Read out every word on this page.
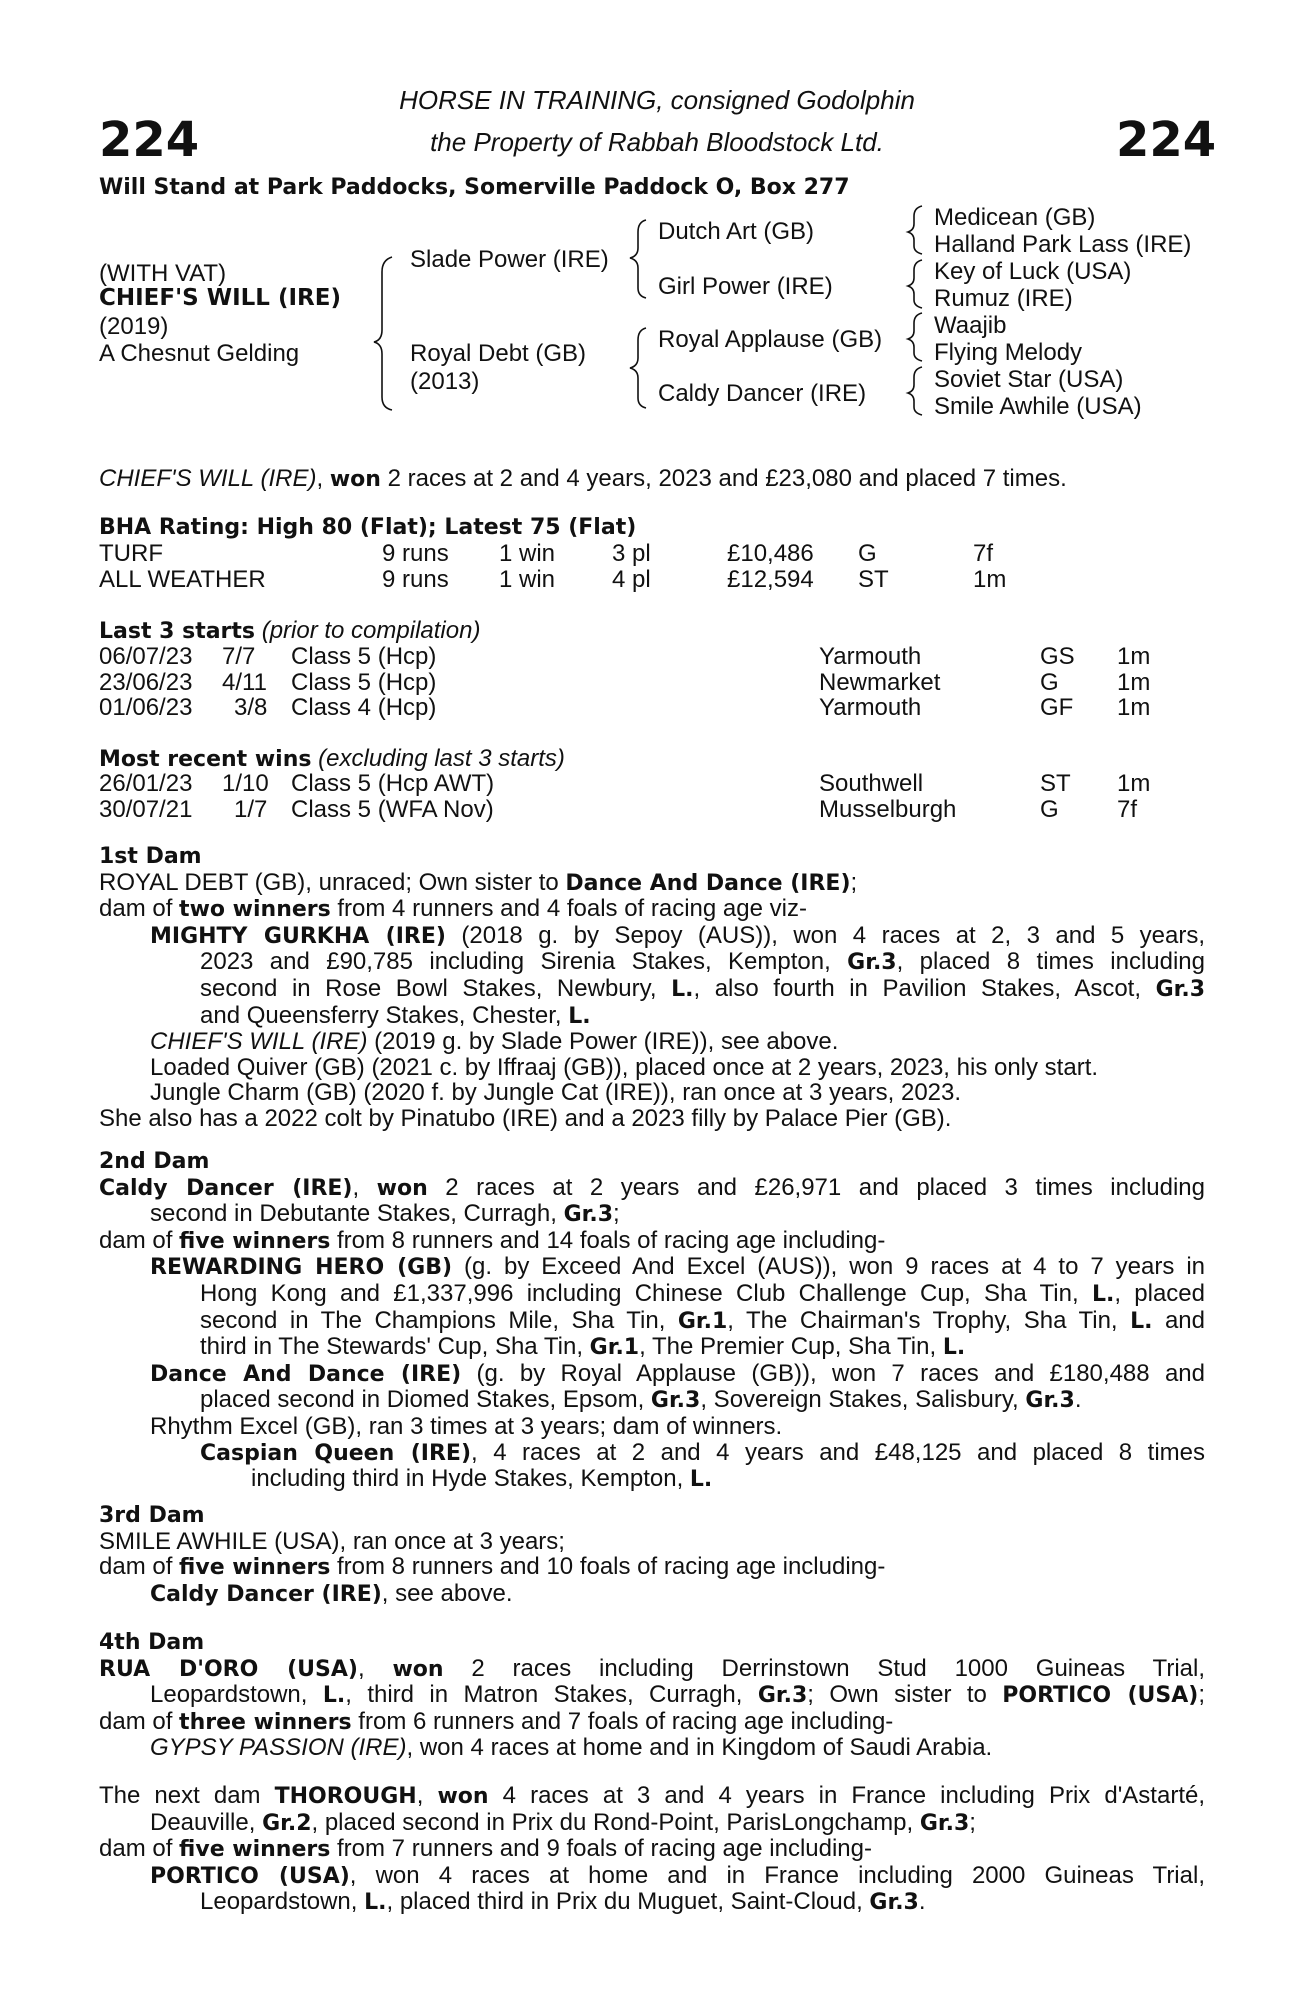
224	224
HORSE IN TRAINING, consigned Godolphin
the Property of Rabbah Bloodstock Ltd.
Will Stand at Park Paddocks, Somerville Paddock O, Box 277
(WITH VAT)
CHIEF'S WILL (IRE)
(2019)
A Chesnut Gelding
Slade Power (IRE)
Royal Debt (GB)
(2013)
Dutch Art (GB)
Girl Power (IRE)
Royal Applause (GB)
Caldy Dancer (IRE)
Medicean (GB)
Halland Park Lass (IRE)
Key of Luck (USA)
Rumuz (IRE)
Waajib
Flying Melody
Soviet Star (USA)
Smile Awhile (USA)
CHIEF'S WILL (IRE), won 2 races at 2 and 4 years, 2023 and £23,080 and placed 7 times.
BHA Rating: High 80 (Flat); Latest 75 (Flat)
TURF	9 runs 1 win 3 pl	£10,486 G	7f
ALL WEATHER	9 runs 1 win 4 pl	£12,594 ST	1m
Last 3 starts (prior to compilation)
06/07/23 7/7 Class 5 (Hcp)	Yarmouth	GS 1m
23/06/23 4/11 Class 5 (Hcp)	Newmarket	G 1m
01/06/23 3/8 Class 4 (Hcp)	Yarmouth	GF 1m
Most recent wins (excluding last 3 starts)
26/01/23 1/10 Class 5 (Hcp AWT)	Southwell	ST 1m
30/07/21 1/7 Class 5 (WFA Nov)	Musselburgh	G 7f
1st Dam
ROYAL DEBT (GB), unraced; Own sister to Dance And Dance (IRE);
dam of two winners from 4 runners and 4 foals of racing age viz-
MIGHTY GURKHA (IRE) (2018 g. by Sepoy (AUS)), won 4 races at 2, 3 and 5 years,
2023 and £90,785 including Sirenia Stakes, Kempton, Gr.3, placed 8 times including
second in Rose Bowl Stakes, Newbury, L., also fourth in Pavilion Stakes, Ascot, Gr.3
and Queensferry Stakes, Chester, L.
CHIEF'S WILL (IRE) (2019 g. by Slade Power (IRE)), see above.
Loaded Quiver (GB) (2021 c. by Iffraaj (GB)), placed once at 2 years, 2023, his only start.
Jungle Charm (GB) (2020 f. by Jungle Cat (IRE)), ran once at 3 years, 2023.
She also has a 2022 colt by Pinatubo (IRE) and a 2023 filly by Palace Pier (GB).
2nd Dam
Caldy Dancer (IRE), won 2 races at 2 years and £26,971 and placed 3 times including
second in Debutante Stakes, Curragh, Gr.3;
dam of five winners from 8 runners and 14 foals of racing age including-
REWARDING HERO (GB) (g. by Exceed And Excel (AUS)), won 9 races at 4 to 7 years in
Hong Kong and £1,337,996 including Chinese Club Challenge Cup, Sha Tin, L., placed
second in The Champions Mile, Sha Tin, Gr.1, The Chairman's Trophy, Sha Tin, L. and
third in The Stewards' Cup, Sha Tin, Gr.1, The Premier Cup, Sha Tin, L.
Dance And Dance (IRE) (g. by Royal Applause (GB)), won 7 races and £180,488 and
placed second in Diomed Stakes, Epsom, Gr.3, Sovereign Stakes, Salisbury, Gr.3.
Rhythm Excel (GB), ran 3 times at 3 years; dam of winners.
Caspian Queen (IRE), 4 races at 2 and 4 years and £48,125 and placed 8 times
including third in Hyde Stakes, Kempton, L.
3rd Dam
SMILE AWHILE (USA), ran once at 3 years;
dam of five winners from 8 runners and 10 foals of racing age including-
Caldy Dancer (IRE), see above.
4th Dam
RUA D'ORO (USA), won 2 races including Derrinstown Stud 1000 Guineas Trial,
Leopardstown, L., third in Matron Stakes, Curragh, Gr.3; Own sister to PORTICO (USA);
dam of three winners from 6 runners and 7 foals of racing age including-
GYPSY PASSION (IRE), won 4 races at home and in Kingdom of Saudi Arabia.
The next dam THOROUGH, won 4 races at 3 and 4 years in France including Prix d'Astarté,
Deauville, Gr.2, placed second in Prix du Rond-Point, ParisLongchamp, Gr.3;
dam of five winners from 7 runners and 9 foals of racing age including-
PORTICO (USA), won 4 races at home and in France including 2000 Guineas Trial,
Leopardstown, L., placed third in Prix du Muguet, Saint-Cloud, Gr.3.
